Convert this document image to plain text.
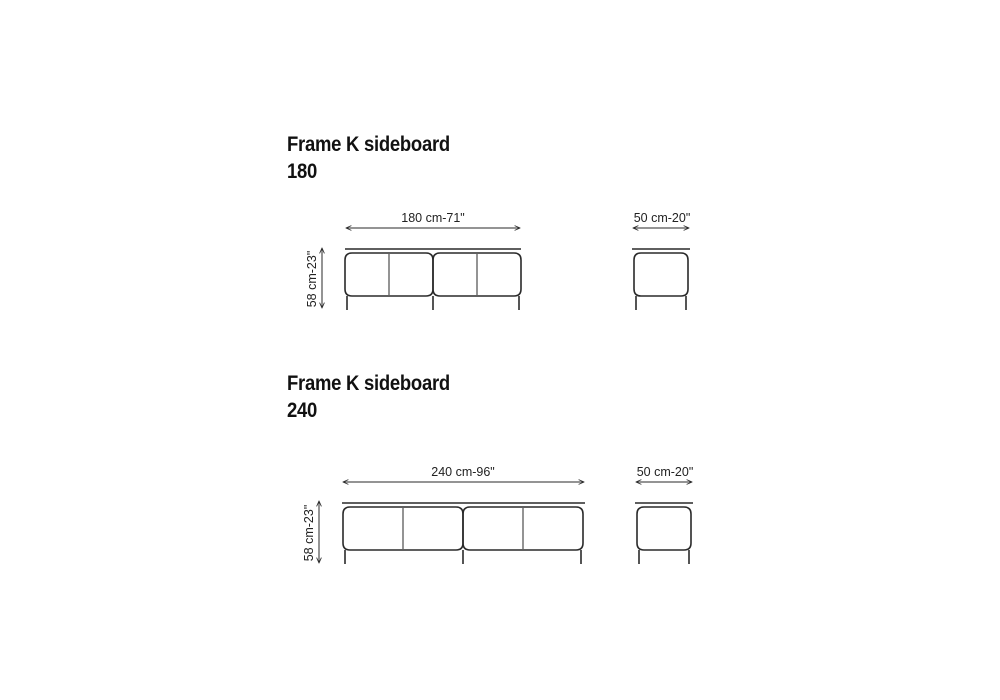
Frame K sideboard
180
Frame K sideboard
240
180 cm-71"
58 cm-23"
50 cm-20"
240 cm-96"
58 cm-23"
50 cm-20"
